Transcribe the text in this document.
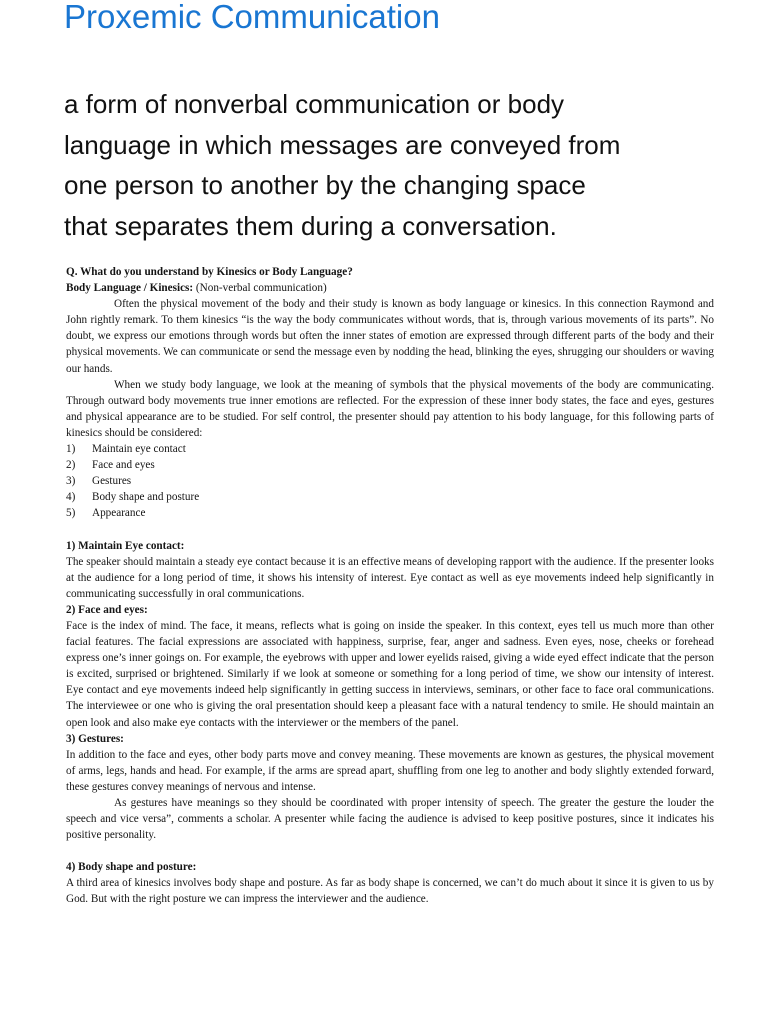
Proxemic Communication
a form of nonverbal communication or body
language in which messages are conveyed from
one person to another by the changing space
that separates them during a conversation.

Q. What do you understand by Kinesics or Body Language?

Body Language / Kinesics: (Non-verbal communication)

Often the physical movement of the body and their study is known as body language or kinesics. In this connection Raymond and John rightly remark. To them kinesics “is the way the body communicates without words, that is, through various movements of its parts”. No doubt, we express our emotions through words but often the inner states of emotion are expressed through different parts of the body and their physical movements. We can communicate or send the message even by nodding the head, blinking the eyes, shrugging our shoulders or waving our hands.

When we study body language, we look at the meaning of symbols that the physical movements of the body are communicating. Through outward body movements true inner emotions are reflected. For the expression of these inner body states, the face and eyes, gestures and physical appearance are to be studied. For self control, the presenter should pay attention to his body language, for this following parts of kinesics should be considered:

1) Maintain eye contact
2) Face and eyes
3) Gestures
4) Body shape and posture
5) Appearance

1) Maintain Eye contact:

The speaker should maintain a steady eye contact because it is an effective means of developing rapport with the audience. If the presenter looks at the audience for a long period of time, it shows his intensity of interest. Eye contact as well as eye movements indeed help significantly in communicating successfully in oral communications.

2) Face and eyes:

Face is the index of mind. The face, it means, reflects what is going on inside the speaker. In this context, eyes tell us much more than other facial features. The facial expressions are associated with happiness, surprise, fear, anger and sadness. Even eyes, nose, cheeks or forehead express one’s inner goings on. For example, the eyebrows with upper and lower eyelids raised, giving a wide eyed effect indicate that the person is excited, surprised or brightened. Similarly if we look at someone or something for a long period of time, we show our intensity of interest. Eye contact and eye movements indeed help significantly in getting success in interviews, seminars, or other face to face oral communications. The interviewee or one who is giving the oral presentation should keep a pleasant face with a natural tendency to smile. He should maintain an open look and also make eye contacts with the interviewer or the members of the panel.

3) Gestures:

In addition to the face and eyes, other body parts move and convey meaning. These movements are known as gestures, the physical movement of arms, legs, hands and head. For example, if the arms are spread apart, shuffling from one leg to another and body slightly extended forward, these gestures convey meanings of nervous and intense.

As gestures have meanings so they should be coordinated with proper intensity of speech. The greater the gesture the louder the speech and vice versa”, comments a scholar. A presenter while facing the audience is advised to keep positive postures, since it indicates his positive personality.

4) Body shape and posture:

A third area of kinesics involves body shape and posture. As far as body shape is concerned, we can’t do much about it since it is given to us by God. But with the right posture we can impress the interviewer and the audience.
